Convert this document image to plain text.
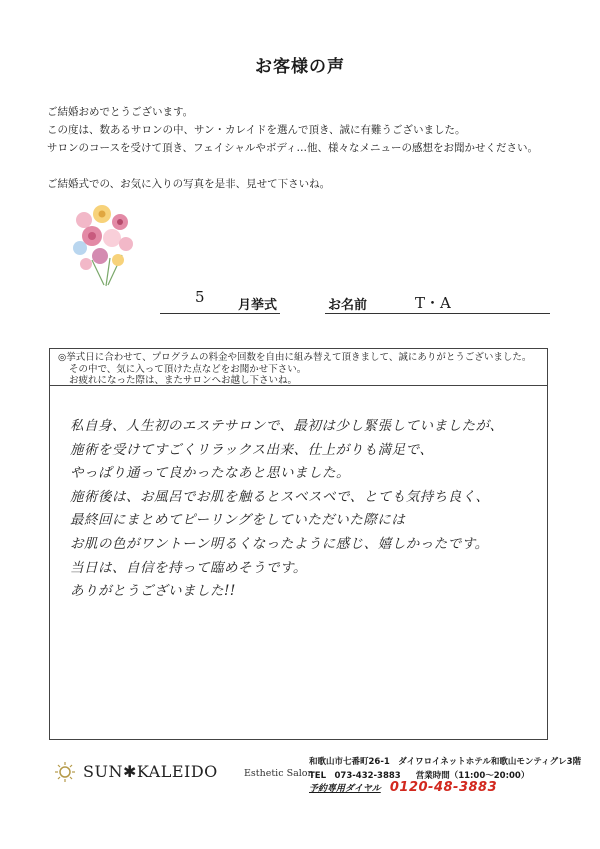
お客様の声
ご結婚おめでとうございます。
この度は、数あるサロンの中、サン・カレイドを選んで頂き、誠に有難うございました。
サロンのコースを受けて頂き、フェイシャルやボディ…他、様々なメニューの感想をお聞かせください。
ご結婚式での、お気に入りの写真を是非、見せて下さいね。
5	月挙式	お名前	T・A
◎挙式日に合わせて、プログラムの料金や回数を自由に組み替えて頂きまして、誠にありがとうございました。
その中で、気に入って頂けた点などをお聞かせ下さい。
お疲れになった際は、またサロンへお越し下さいね。
私自身、人生初のエステサロンで、最初は少し緊張していましたが、
施術を受けてすごくリラックス出来、仕上がりも満足で、
やっぱり通って良かったなあと思いました。
施術後は、お風呂でお肌を触るとスベスベで、とても気持ち良く、
最終回にまとめてピーリングをしていただいた際には
お肌の色がワントーン明るくなったように感じ、嬉しかったです。
当日は、自信を持って臨めそうです。
ありがとうございました!!
SUN✱KALEIDO	Esthetic Salon
和歌山市七番町26-1　ダイワロイネットホテル和歌山モンティグレ3階
TEL　073-432-3883 営業時間（11:00～20:00）
予約専用ダイヤル 0120-48-3883
